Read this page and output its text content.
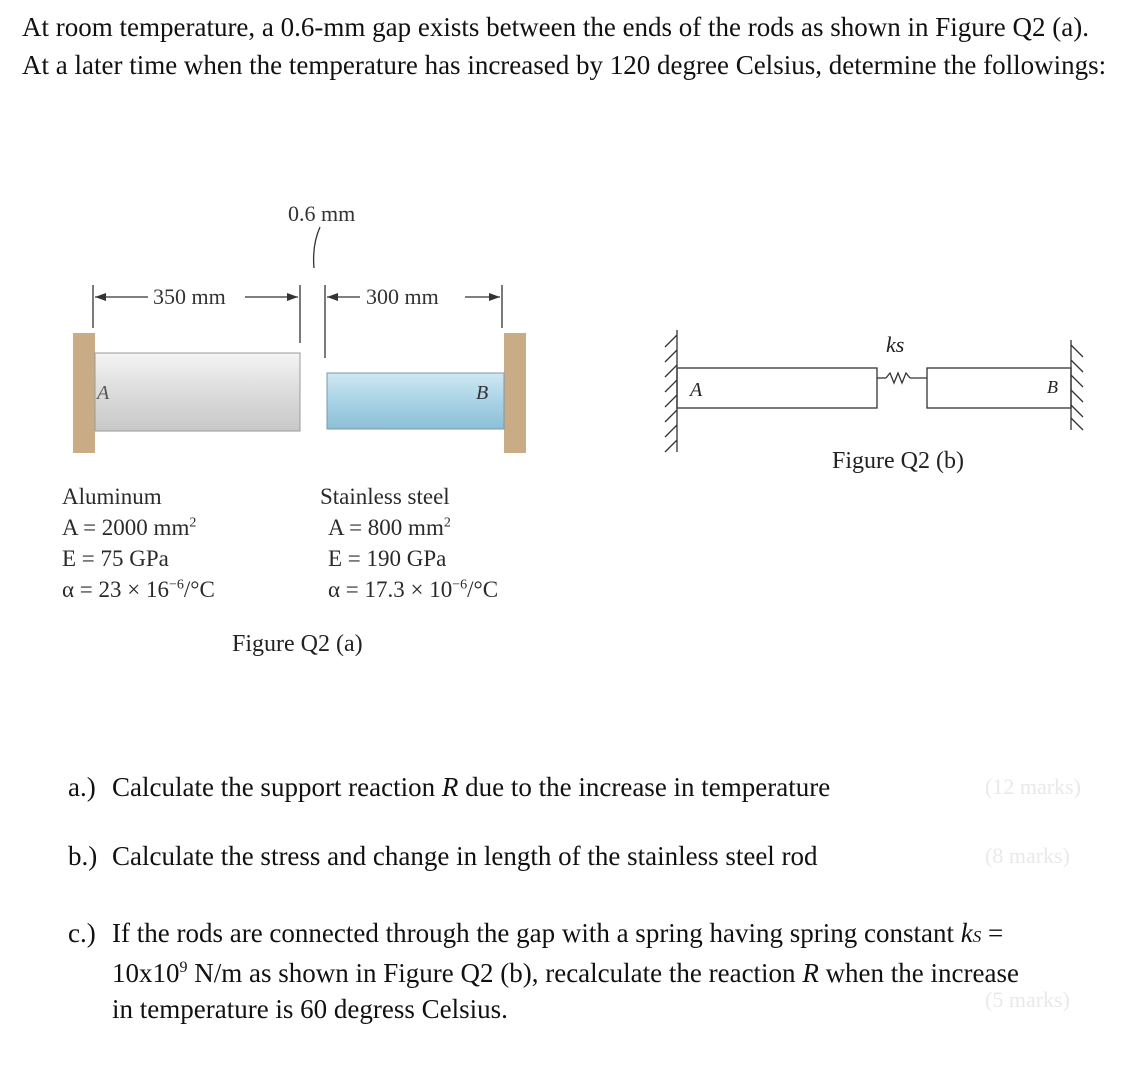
At room temperature, a 0.6-mm gap exists between the ends of the rods as shown in Figure Q2 (a). At a later time when the temperature has increased by 120 degree Celsius, determine the followings:

A	B
0.6 mm
350 mm	300 mm
ks
A	B
Figure Q2 (b)
Aluminum
A = 2000 $mm^2$
E = 75 GPa
$\alpha = 23 \times 16^{-6}/^\circ C$
Stainless steel
A = 800 $mm^2$
E = 190 GPa
$\alpha = 17.3 \times 10^{-6}/^\circ C$
Figure Q2 (a)
a.) Calculate the support reaction R due to the increase in temperature	(12 marks)
b.) Calculate the stress and change in length of the stainless steel rod	(8 marks)
c.) If the rods are connected through the gap with a spring having spring constant kS =
$10x10^9$ N/m as shown in Figure Q2 (b), recalculate the reaction R when the increase
in temperature is 60 degress Celsius.	(5 marks)
